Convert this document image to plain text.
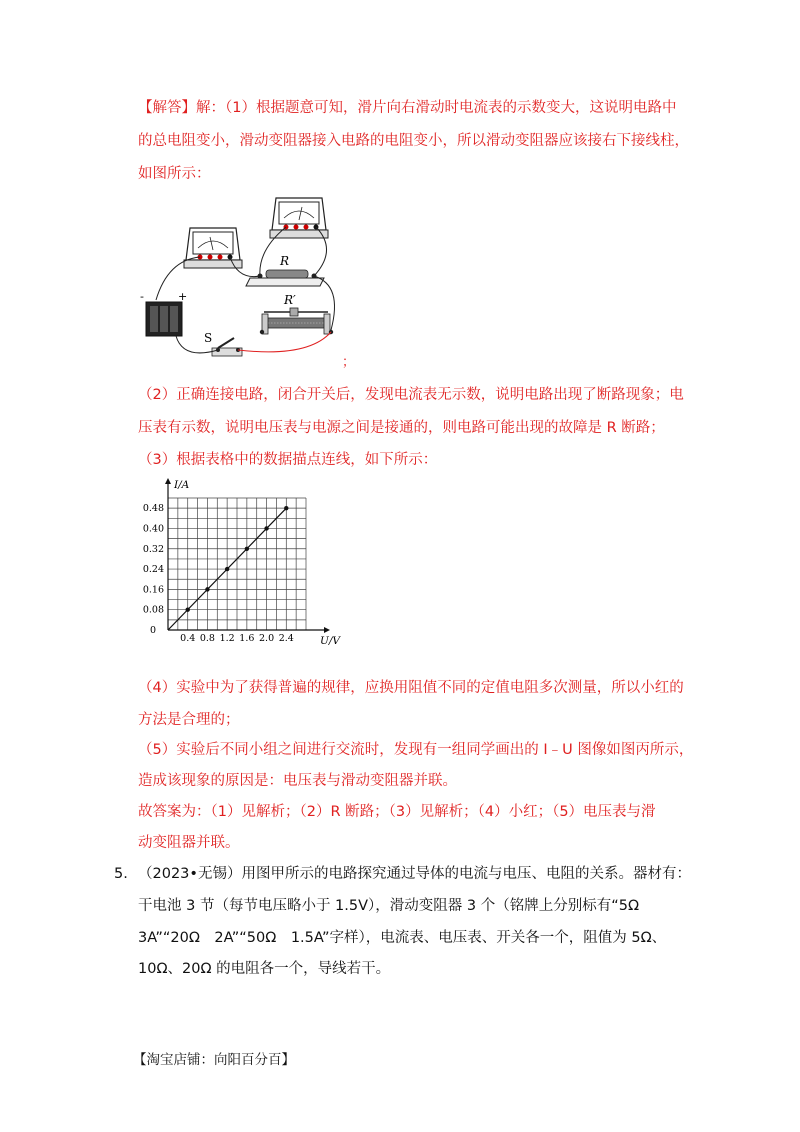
【解答】解：（1）根据题意可知，滑片向右滑动时电流表的示数变大，这说明电路中
的总电阻变小，滑动变阻器接入电路的电阻变小，所以滑动变阻器应该接右下接线柱，
如图所示：
R
R′
-	+
S
；
（2）正确连接电路，闭合开关后，发现电流表无示数，说明电路出现了断路现象；电
压表有示数，说明电压表与电源之间是接通的，则电路可能出现的故障是 R 断路；
（3）根据表格中的数据描点连线，如下所示：
0.4 0.8 1.2 1.6 2.0 2.4
0.08
0.16
0.24
0.32
0.40
0.48
0
U/V
I/A
（4）实验中为了获得普遍的规律，应换用阻值不同的定值电阻多次测量，所以小红的
方法是合理的；
（5）实验后不同小组之间进行交流时，发现有一组同学画出的 I﹣U 图像如图丙所示，
造成该现象的原因是：电压表与滑动变阻器并联。
故答案为：（1）见解析；（2）R 断路；（3）见解析；（4）小红；（5）电压表与滑
动变阻器并联。
5. （2023•无锡）用图甲所示的电路探究通过导体的电流与电压、电阻的关系。器材有：
干电池 3 节（每节电压略小于 1.5V），滑动变阻器 3 个（铭牌上分别标有“5Ω
3A”“20Ω　2A”“50Ω　1.5A”字样），电流表、电压表、开关各一个，阻值为 5Ω、
10Ω、20Ω 的电阻各一个，导线若干。
【淘宝店铺：向阳百分百】
